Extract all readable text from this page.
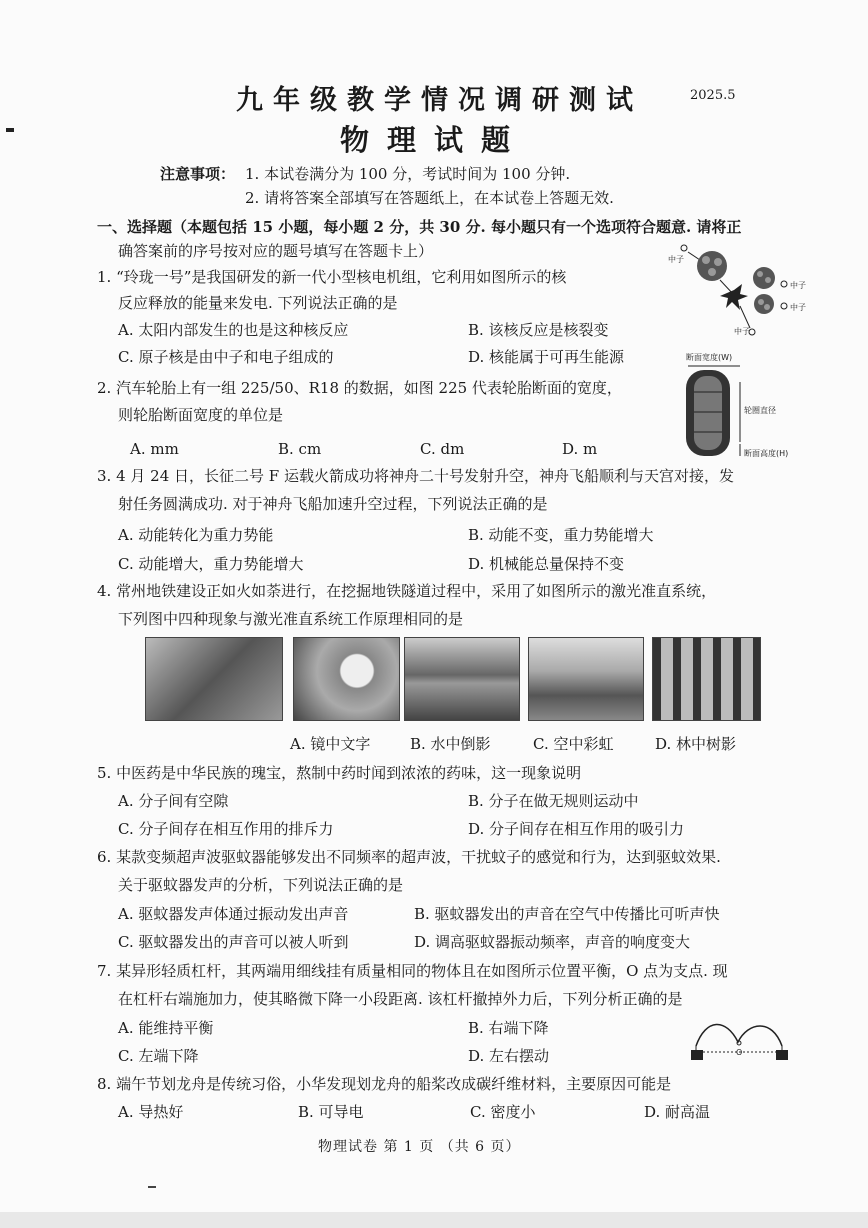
九年级教学情况调研测试	2025.5
物理试题
注意事项： 1. 本试卷满分为 100 分，考试时间为 100 分钟.
2. 请将答案全部填写在答题纸上，在本试卷上答题无效.
一、选择题（本题包括 15 小题，每小题 2 分，共 30 分. 每小题只有一个选项符合题意. 请将正
确答案前的序号按对应的题号填写在答题卡上）
1. “玲珑一号”是我国研发的新一代小型核电机组，它利用如图所示的核
反应释放的能量来发电. 下列说法正确的是
A. 太阳内部发生的也是这种核反应	B. 该核反应是核裂变
C. 原子核是由中子和电子组成的	D. 核能属于可再生能源
中子
中子
中子
中子
2. 汽车轮胎上有一组 225/50、R18 的数据，如图 225 代表轮胎断面的宽度，
则轮胎断面宽度的单位是
A. mm	B. cm	C. dm	D. m
断面宽度(W)
轮圈直径
断面高度(H)
3. 4 月 24 日，长征二号 F 运载火箭成功将神舟二十号发射升空，神舟飞船顺利与天宫对接，发
射任务圆满成功. 对于神舟飞船加速升空过程，下列说法正确的是
A. 动能转化为重力势能	B. 动能不变，重力势能增大
C. 动能增大，重力势能增大	D. 机械能总量保持不变
4. 常州地铁建设正如火如荼进行，在挖掘地铁隧道过程中，采用了如图所示的激光准直系统，
下列图中四种现象与激光准直系统工作原理相同的是
A. 镜中文字	B. 水中倒影	C. 空中彩虹	D. 林中树影
5. 中医药是中华民族的瑰宝，熬制中药时闻到浓浓的药味，这一现象说明
A. 分子间有空隙	B. 分子在做无规则运动中
C. 分子间存在相互作用的排斥力	D. 分子间存在相互作用的吸引力
6. 某款变频超声波驱蚊器能够发出不同频率的超声波，干扰蚊子的感觉和行为，达到驱蚊效果.
关于驱蚊器发声的分析，下列说法正确的是
A. 驱蚊器发声体通过振动发出声音	B. 驱蚊器发出的声音在空气中传播比可听声快
C. 驱蚊器发出的声音可以被人听到	D. 调高驱蚊器振动频率，声音的响度变大
7. 某异形轻质杠杆，其两端用细线挂有质量相同的物体且在如图所示位置平衡，O 点为支点. 现
在杠杆右端施加力，使其略微下降一小段距离. 该杠杆撤掉外力后，下列分析正确的是
A. 能维持平衡	B. 右端下降
C. 左端下降	D. 左右摆动	O
8. 端午节划龙舟是传统习俗，小华发现划龙舟的船桨改成碳纤维材料，主要原因可能是
A. 导热好	B. 可导电	C. 密度小	D. 耐高温
物理试卷 第 1 页 （共 6 页）
